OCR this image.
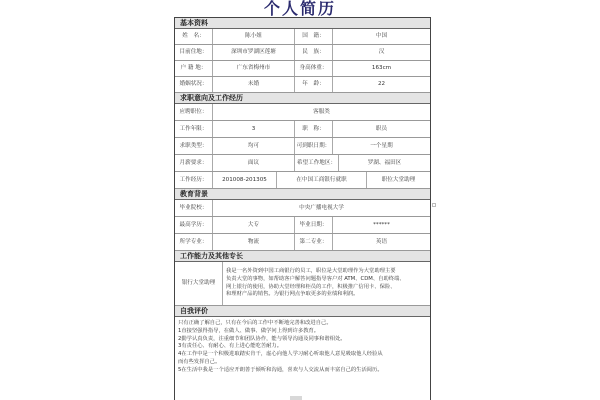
个人简历
基本资料
姓　名：	陈小姐	国　籍：	中国
目前住地：	深圳市罗湖区莲塘	民　族：	汉
户 籍 地：	广东省梅州市	身高体重：	163cm
婚姻状况：	未婚	年　龄：	22
求职意向及工作经历
应聘职位：	客服类
工作年限：	3	职　称：	职员
求职类型：	均可	可到职日期：	一个星期
月薪要求：	面议	希望工作地区：	罗湖、福田区
工作经历：	201008-201305	在中国工商银行就职	职位大堂助理
教育背景
毕业院校：	中央广播电视大学
最高学历：	大专	毕业日期：	******
所学专业：	物流	第二专业：	英语
工作能力及其他专长
银行大堂助理
我是一名外资到中国工商银行的员工，职位是大堂助理作为大堂助理主要
负责大堂的事物，如帮助客户解答问题指导客户对 ATM、CDM、自助终端、
网上银行的使用，协助大堂经理和柜员的工作，积极推广信用卡、保险、
和理财产品的销售。为银行网点争取更多的业绩和利润。
自我评价
只有正确了解自己，只有在今后的工作中不断地完善和改进自己。
1直接坚强得指导，在做人、做事、做学问上得到许多教育。
2勤学认真负责，注重细节和团队协作，能与领导沟通及同事和谐相处。
3有责任心、有耐心、有上进心能吃苦耐力。
4在工作中是一个积极进取踏实肯干，虚心向他人学习耐心听取他人意见吸取他人经验从
而有些发挥自己。
5在生活中我是一个适应开朗善于倾听和沟通，喜欢与人交流从而丰富自己的生活阅历。
